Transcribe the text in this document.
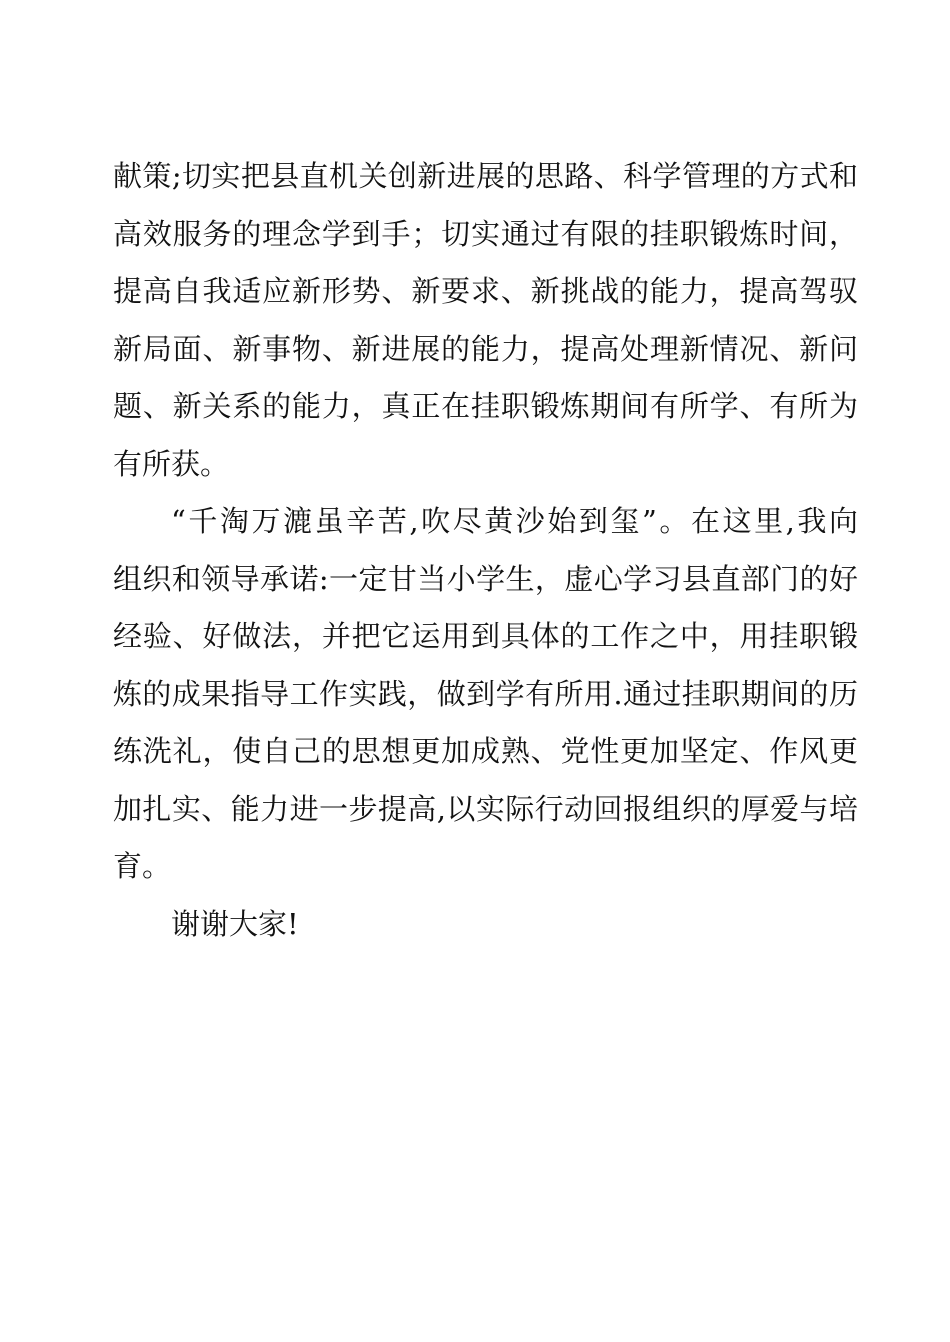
献策;切实把县直机关创新进展的思路、科学管理的方式和
高效服务的理念学到手；切实通过有限的挂职锻炼时间，
提高自我适应新形势、新要求、新挑战的能力，提高驾驭
新局面、新事物、新进展的能力，提高处理新情况、新问
题、新关系的能力，真正在挂职锻炼期间有所学、有所为
有所获。
“千淘万漉虽辛苦,吹尽黄沙始到玺”。在这里,我向
组织和领导承诺:一定甘当小学生，虚心学习县直部门的好
经验、好做法，并把它运用到具体的工作之中，用挂职锻
炼的成果指导工作实践，做到学有所用.通过挂职期间的历
练洗礼，使自己的思想更加成熟、党性更加坚定、作风更
加扎实、能力进一步提高,以实际行动回报组织的厚爱与培
育。
谢谢大家!
